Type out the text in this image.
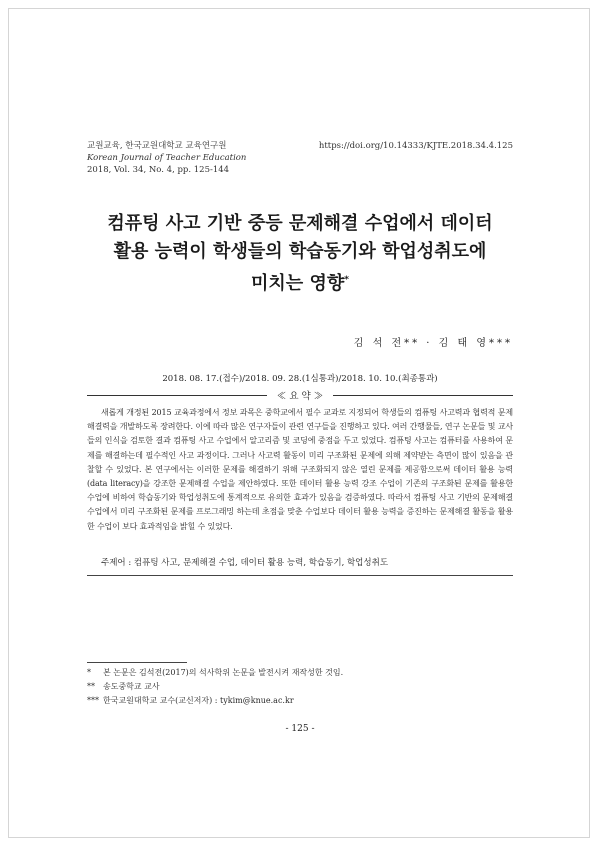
교원교육, 한국교원대학교 교육연구원
Korean Journal of Teacher Education
2018, Vol. 34, No. 4, pp. 125-144
https://doi.org/10.14333/KJTE.2018.34.4.125
컴퓨팅 사고 기반 중등 문제해결 수업에서 데이터
활용 능력이 학생들의 학습동기와 학업성취도에
미치는 영향*
김 석 전** · 김 태 영***
2018. 08. 17.(접수)/2018. 09. 28.(1심통과)/2018. 10. 10.(최종통과)
≪ 요 약 ≫

새롭게 개정된 2015 교육과정에서 정보 과목은 중학교에서 필수 교과로 지정되어 학생들의 컴퓨팅 사고력과 협력적 문제 해결력을 개발하도록 장려한다. 이에 따라 많은 연구자들이 관련 연구들을 진행하고 있다. 여러 간행물들, 연구 논문들 및 교사들의 인식을 검토한 결과 컴퓨팅 사고 수업에서 알고리즘 및 코딩에 중점을 두고 있었다. 컴퓨팅 사고는 컴퓨터를 사용하여 문제를 해결하는데 필수적인 사고 과정이다. 그러나 사고력 활동이 미리 구조화된 문제에 의해 제약받는 측면이 많이 있음을 관찰할 수 있었다. 본 연구에서는 이러한 문제를 해결하기 위해 구조화되지 않은 열린 문제를 제공함으로써 데이터 활용 능력(data literacy)을 강조한 문제해결 수업을 제안하였다. 또한 데이터 활용 능력 강조 수업이 기존의 구조화된 문제를 활용한 수업에 비하여 학습동기와 학업성취도에 통계적으로 유의한 효과가 있음을 검증하였다. 따라서 컴퓨팅 사고 기반의 문제해결 수업에서 미리 구조화된 문제를 프로그래밍 하는데 초점을 맞춘 수업보다 데이터 활용 능력을 증진하는 문제해결 활동을 활용한 수업이 보다 효과적임을 밝힐 수 있었다.

주제어 : 컴퓨팅 사고, 문제해결 수업, 데이터 활용 능력, 학습동기, 학업성취도
* 본 논문은 김석전(2017)의 석사학위 논문을 발전시켜 재작성한 것임.
** 송도중학교 교사
*** 한국교원대학교 교수(교신저자) : tykim@knue.ac.kr
- 125 -
